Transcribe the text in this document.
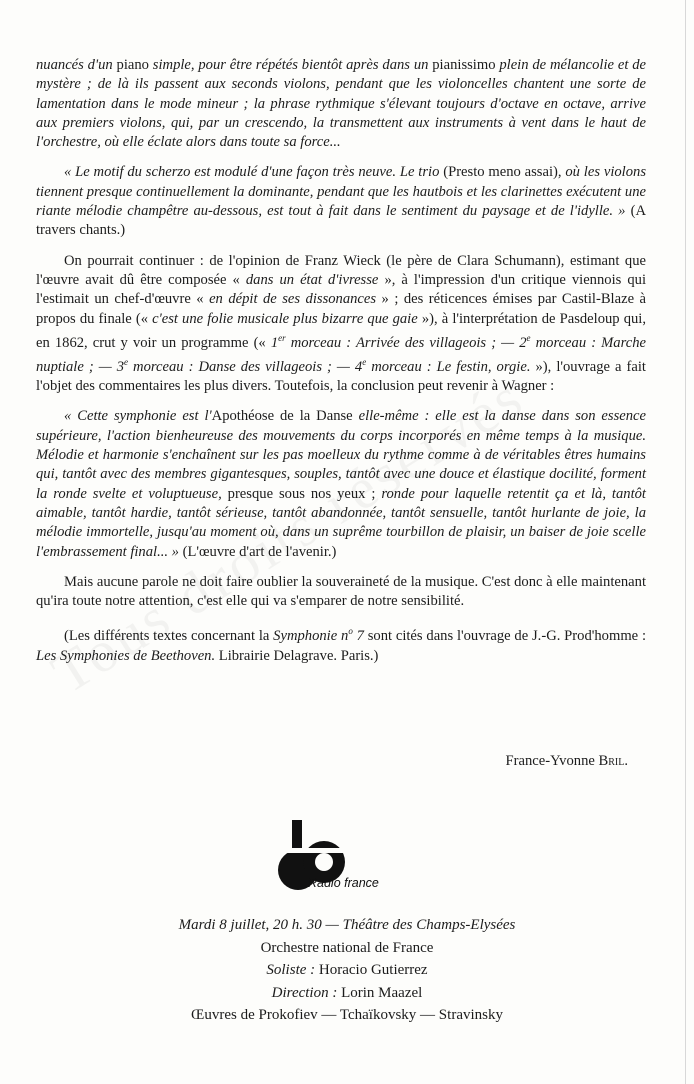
nuancés d'un piano simple, pour être répétés bientôt après dans un pianissimo plein de mélancolie et de mystère ; de là ils passent aux seconds violons, pendant que les violoncelles chantent une sorte de lamentation dans le mode mineur ; la phrase rythmique s'élevant toujours d'octave en octave, arrive aux premiers violons, qui, par un crescendo, la transmettent aux instruments à vent dans le haut de l'orchestre, où elle éclate alors dans toute sa force...

« Le motif du scherzo est modulé d'une façon très neuve. Le trio (Presto meno assai), où les violons tiennent presque continuellement la dominante, pendant que les hautbois et les clarinettes exécutent une riante mélodie champêtre au-dessous, est tout à fait dans le sentiment du paysage et de l'idylle. » (A travers chants.)

On pourrait continuer : de l'opinion de Franz Wieck (le père de Clara Schumann), estimant que l'œuvre avait dû être composée « dans un état d'ivresse », à l'impression d'un critique viennois qui l'estimait un chef-d'œuvre « en dépit de ses dissonances » ; des réticences émises par Castil-Blaze à propos du finale (« c'est une folie musicale plus bizarre que gaie »), à l'interprétation de Pasdeloup qui, en 1862, crut y voir un programme (« 1er morceau : Arrivée des villageois ; — 2e morceau : Marche nuptiale ; — 3e morceau : Danse des villageois ; — 4e morceau : Le festin, orgie. »), l'ouvrage a fait l'objet des commentaires les plus divers. Toutefois, la conclusion peut revenir à Wagner :

« Cette symphonie est l'Apothéose de la Danse elle-même : elle est la danse dans son essence supérieure, l'action bienheureuse des mouvements du corps incorporés en même temps à la musique. Mélodie et harmonie s'enchaînent sur les pas moelleux du rythme comme à de véritables êtres humains qui, tantôt avec des membres gigantesques, souples, tantôt avec une douce et élastique docilité, forment la ronde svelte et voluptueuse, presque sous nos yeux ; ronde pour laquelle retentit ça et là, tantôt aimable, tantôt hardie, tantôt sérieuse, tantôt abandonnée, tantôt sensuelle, tantôt hurlante de joie, la mélodie immortelle, jusqu'au moment où, dans un suprême tourbillon de plaisir, un baiser de joie scelle l'embrassement final... » (L'œuvre d'art de l'avenir.)

Mais aucune parole ne doit faire oublier la souveraineté de la musique. C'est donc à elle maintenant qu'ira toute notre attention, c'est elle qui va s'emparer de notre sensibilité.

(Les différents textes concernant la Symphonie $n^o$ 7 sont cités dans l'ouvrage de J.-G. Prod'homme : Les Symphonies de Beethoven. Librairie Delagrave. Paris.)

France-Yvonne Bril.
Radio france
Mardi 8 juillet, 20 h. 30 — Théâtre des Champs-Elysées
Orchestre national de France
Soliste : Horacio Gutierrez
Direction : Lorin Maazel
Œuvres de Prokofiev — Tchaïkovsky — Stravinsky
